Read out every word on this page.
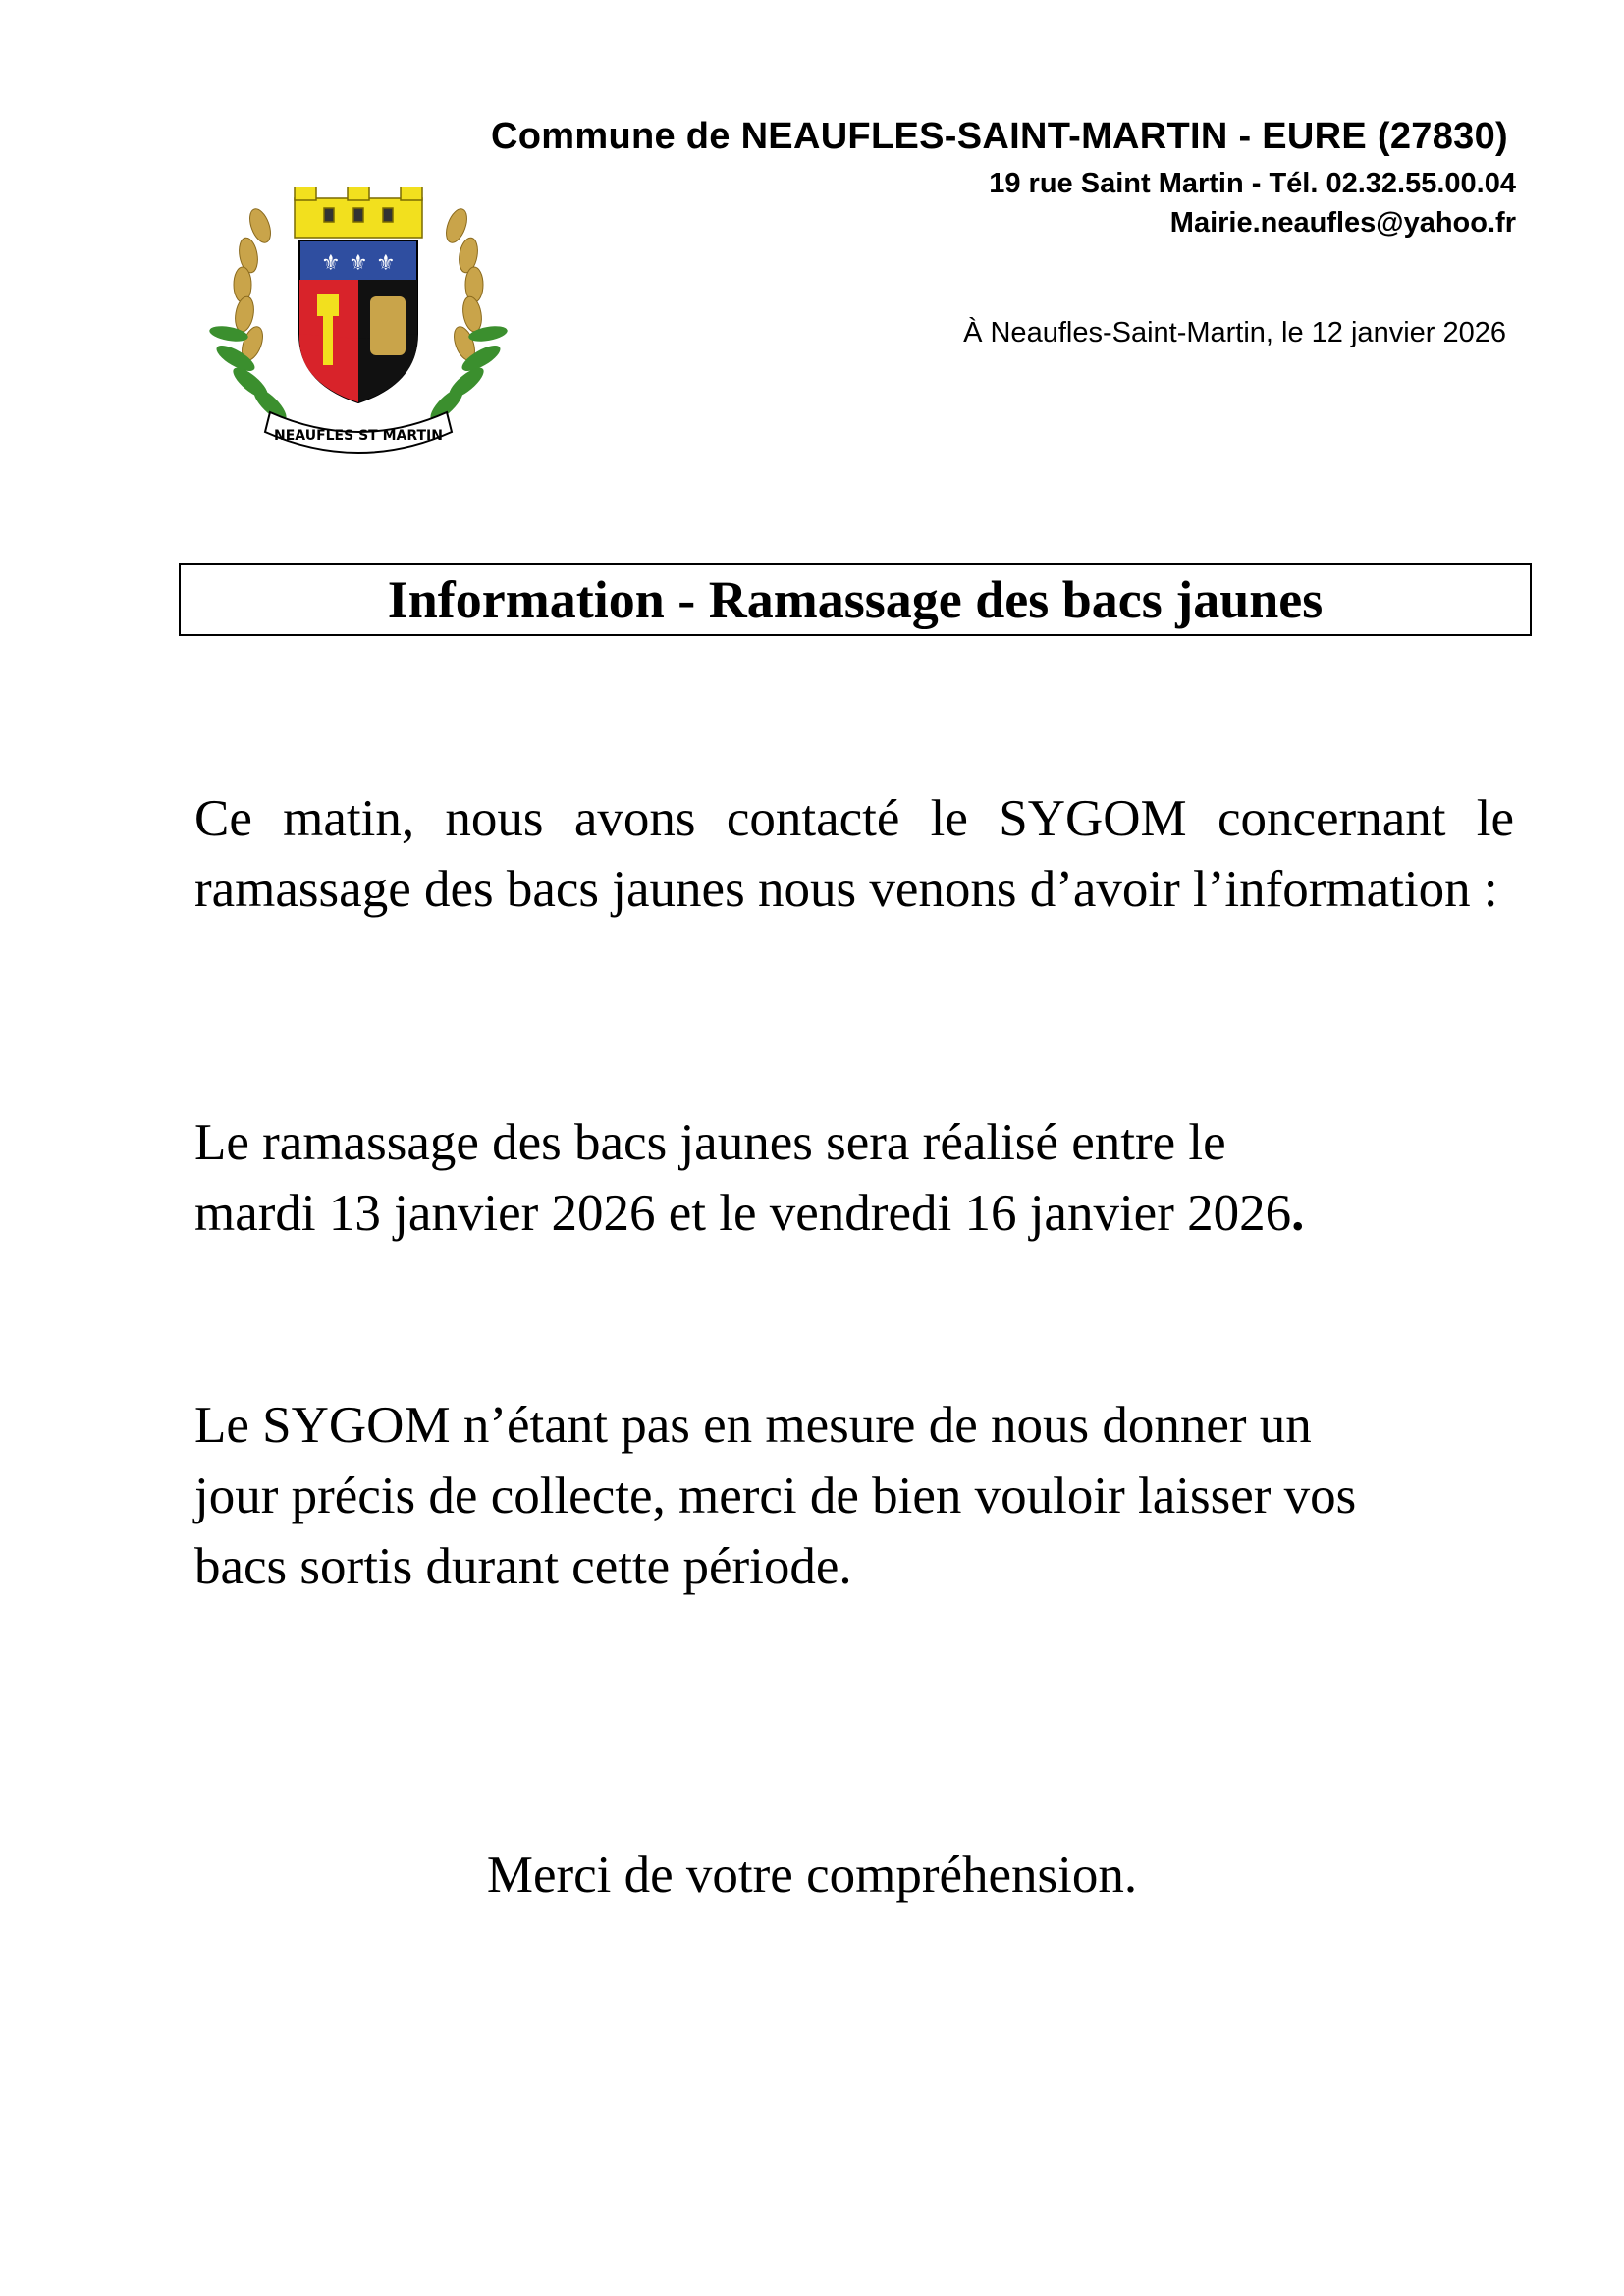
Commune de NEAUFLES-SAINT-MARTIN - EURE (27830)
19 rue Saint Martin - Tél. 02.32.55.00.04
Mairie.neaufles@yahoo.fr
⚜ ⚜ ⚜
NEAUFLES ST MARTIN
À Neaufles-Saint-Martin, le 12 janvier 2026
Information - Ramassage des bacs jaunes
Ce matin, nous avons contacté le SYGOM concernant le ramassage des bacs jaunes nous venons d’avoir l’information :
Le ramassage des bacs jaunes sera réalisé entre le
mardi 13 janvier 2026 et le vendredi 16 janvier 2026.
Le SYGOM n’étant pas en mesure de nous donner un
jour précis de collecte, merci de bien vouloir laisser vos
bacs sortis durant cette période.
Merci de votre compréhension.
